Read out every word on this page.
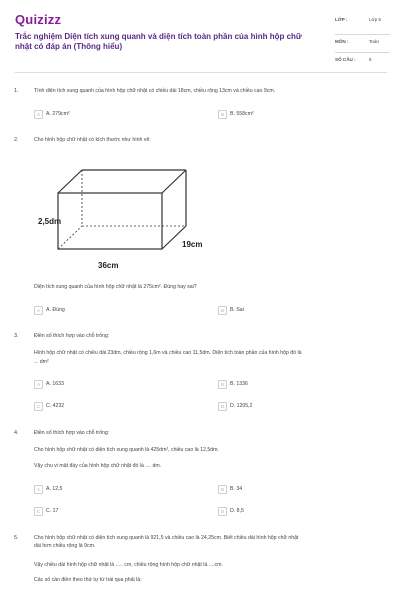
Quizizz
Trắc nghiệm Diện tích xung quanh và diện tích toàn phần của hình hộp chữ nhật có đáp án (Thông hiểu)
LỚP :	Lớp 5
MÔN :	Toán
SỐ CÂU :	6
1.	Tính diện tích xung quanh của hình hộp chữ nhật có chiều dài 18cm, chiều rộng 13cm và chiều cao 9cm.
A	A. 279cm²	B	B. 558cm²
2.	Cho hình hộp chữ nhật có kích thước như hình vẽ:
2,5dm
19cm
36cm
Diện tích xung quanh của hình hộp chữ nhật là 275cm². Đúng hay sai?
A	A. Đúng	B	B. Sai
3.	Điền số thích hợp vào chỗ trống:
Hình hộp chữ nhật có chiều dài 23dm, chiều rộng 1,6m và chiều cao 11,5dm. Diện tích toàn phần của hình hộp đó là
... dm²
A	A. 1633	B	B. 1336
C	C. 4232	D	D. 1205,2
4.	Điền số thích hợp vào chỗ trống:
Cho hình hộp chữ nhật có diện tích xung quanh là 425dm², chiều cao là 12,5dm.
Vậy chu vi mặt đáy của hình hộp chữ nhật đó là .... dm.
A	A. 12,5	B	B. 34
C	C. 17	D	D. 8,5
5.	Cho hình hộp chữ nhật có diện tích xung quanh là 921,5 và chiều cao là 24,25cm. Biết chiều dài hình hộp chữ nhật
dài hơn chiều rộng là 9cm.
Vậy chiều dài hình hộp chữ nhật là ..... cm, chiều rộng hình hộp chữ nhật là ....cm.
Các số cần điền theo thứ tự từ trái qua phải là:
